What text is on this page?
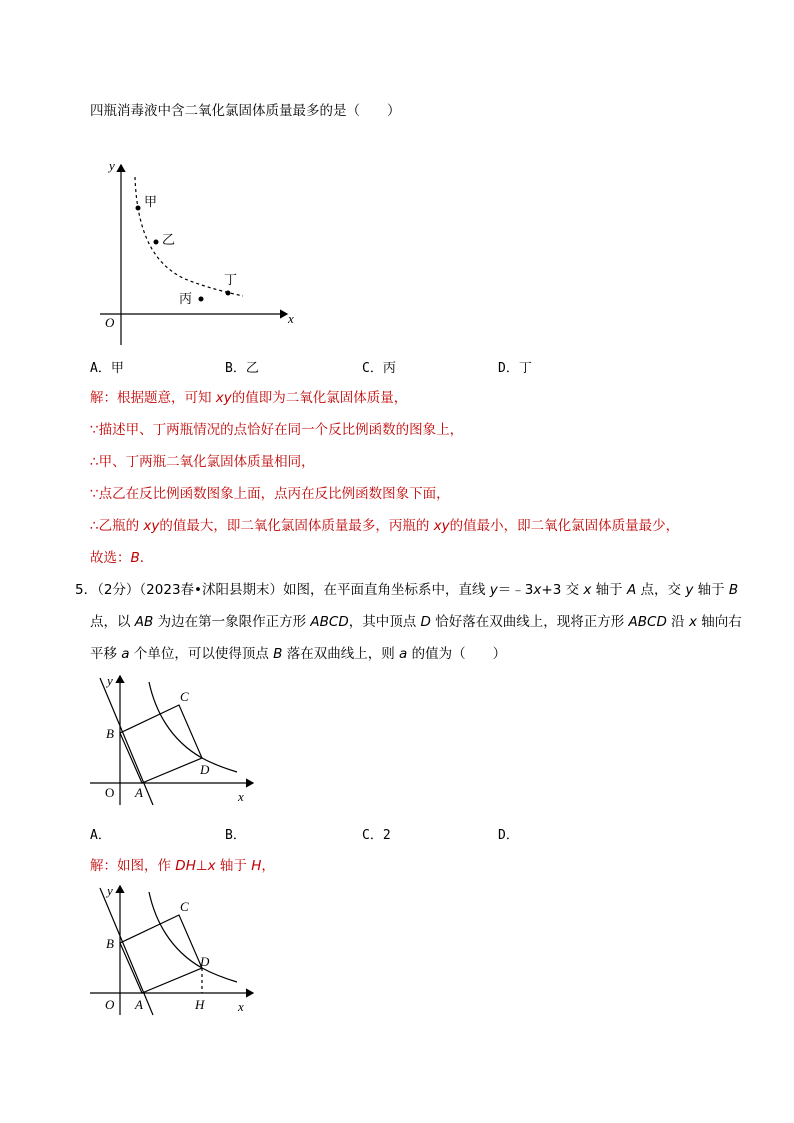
四瓶消毒液中含二氧化氯固体质量最多的是（　　）
y
x
O
甲
乙
丙
丁
A．甲	B．乙	C．丙	D．丁
解：根据题意，可知 xy的值即为二氧化氯固体质量，
∵描述甲、丁两瓶情况的点恰好在同一个反比例函数的图象上，
∴甲、丁两瓶二氧化氯固体质量相同，
∵点乙在反比例函数图象上面，点丙在反比例函数图象下面，
∴乙瓶的 xy的值最大，即二氧化氯固体质量最多，丙瓶的 xy的值最小，即二氧化氯固体质量最少，
故选：B．
5．（2分）（2023春•沭阳县期末）如图，在平面直角坐标系中，直线 y＝﹣3x+3 交 x 轴于 A 点，交 y 轴于 B
点，以 AB 为边在第一象限作正方形 ABCD，其中顶点 D 恰好落在双曲线上，现将正方形 ABCD 沿 x 轴向右
平移 a 个单位，可以使得顶点 B 落在双曲线上，则 a 的值为（　　）
y
x
O A
B
C
D
A．	B．	C．2	D．
解：如图，作 DH⊥x 轴于 H，
y
x
O A
B
C
D
H
